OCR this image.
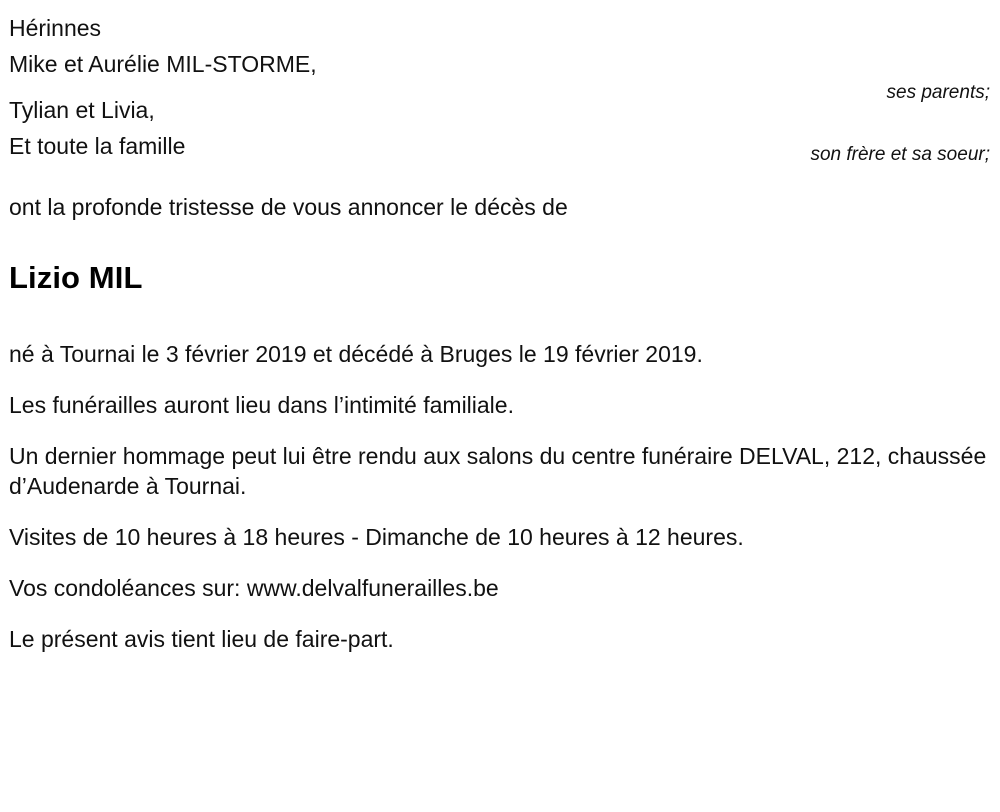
Hérinnes
Mike et Aurélie MIL-STORME,
Tylian et Livia,
ses parents;
son frère et sa soeur;
Et toute la famille
ont la profonde tristesse de vous annoncer le décès de
Lizio MIL

né à Tournai le 3 février 2019 et décédé à Bruges le 19 février 2019.

Les funérailles auront lieu dans l’intimité familiale.

Un dernier hommage peut lui être rendu aux salons du centre funéraire DELVAL, 212, chaussée d’Audenarde à Tournai.

Visites de 10 heures à 18 heures - Dimanche de 10 heures à 12 heures.

Vos condoléances sur: www.delvalfunerailles.be

Le présent avis tient lieu de faire-part.
